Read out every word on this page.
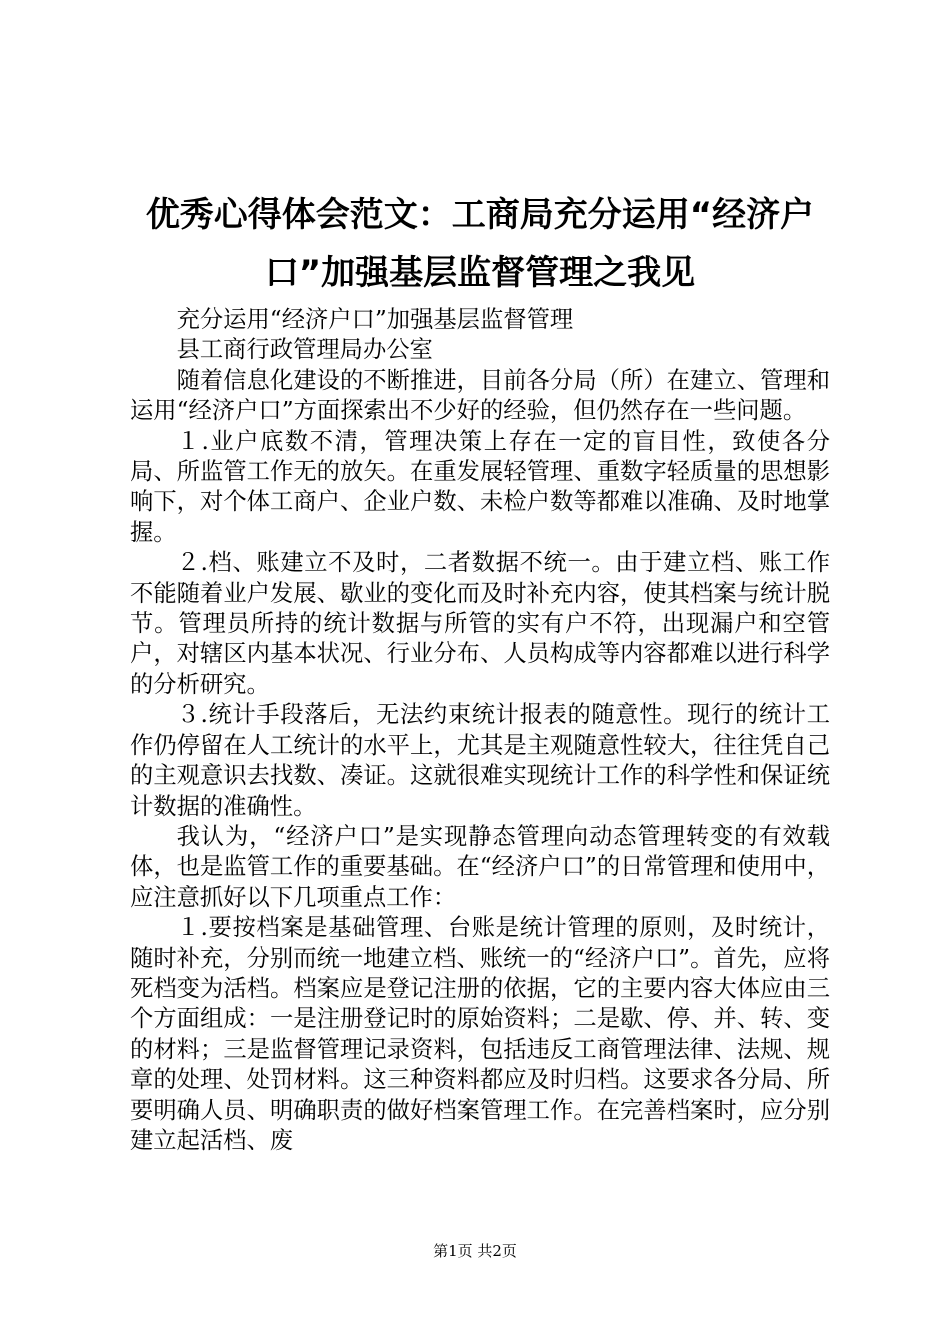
优秀心得体会范文：工商局充分运用“经济户
口”加强基层监督管理之我见

充分运用“经济户口”加强基层监督管理

县工商行政管理局办公室

随着信息化建设的不断推进，目前各分局（所）在建立、管理和运用“经济户口”方面探索出不少好的经验，但仍然存在一些问题。

１.业户底数不清，管理决策上存在一定的盲目性，致使各分局、所监管工作无的放矢。在重发展轻管理、重数字轻质量的思想影响下，对个体工商户、企业户数、未检户数等都难以准确、及时地掌握。

２.档、账建立不及时，二者数据不统一。由于建立档、账工作不能随着业户发展、歇业的变化而及时补充内容，使其档案与统计脱节。管理员所持的统计数据与所管的实有户不符，出现漏户和空管户，对辖区内基本状况、行业分布、人员构成等内容都难以进行科学的分析研究。

３.统计手段落后，无法约束统计报表的随意性。现行的统计工作仍停留在人工统计的水平上，尤其是主观随意性较大，往往凭自己的主观意识去找数、凑证。这就很难实现统计工作的科学性和保证统计数据的准确性。

我认为，“经济户口”是实现静态管理向动态管理转变的有效载体，也是监管工作的重要基础。在“经济户口”的日常管理和使用中，应注意抓好以下几项重点工作：

１.要按档案是基础管理、台账是统计管理的原则，及时统计，随时补充，分别而统一地建立档、账统一的“经济户口”。首先，应将死档变为活档。档案应是登记注册的依据，它的主要内容大体应由三个方面组成：一是注册登记时的原始资料；二是歇、停、并、转、变的材料；三是监督管理记录资料，包括违反工商管理法律、法规、规章的处理、处罚材料。这三种资料都应及时归档。这要求各分局、所要明确人员、明确职责的做好档案管理工作。在完善档案时，应分别建立起活档、废

第1页 共2页
